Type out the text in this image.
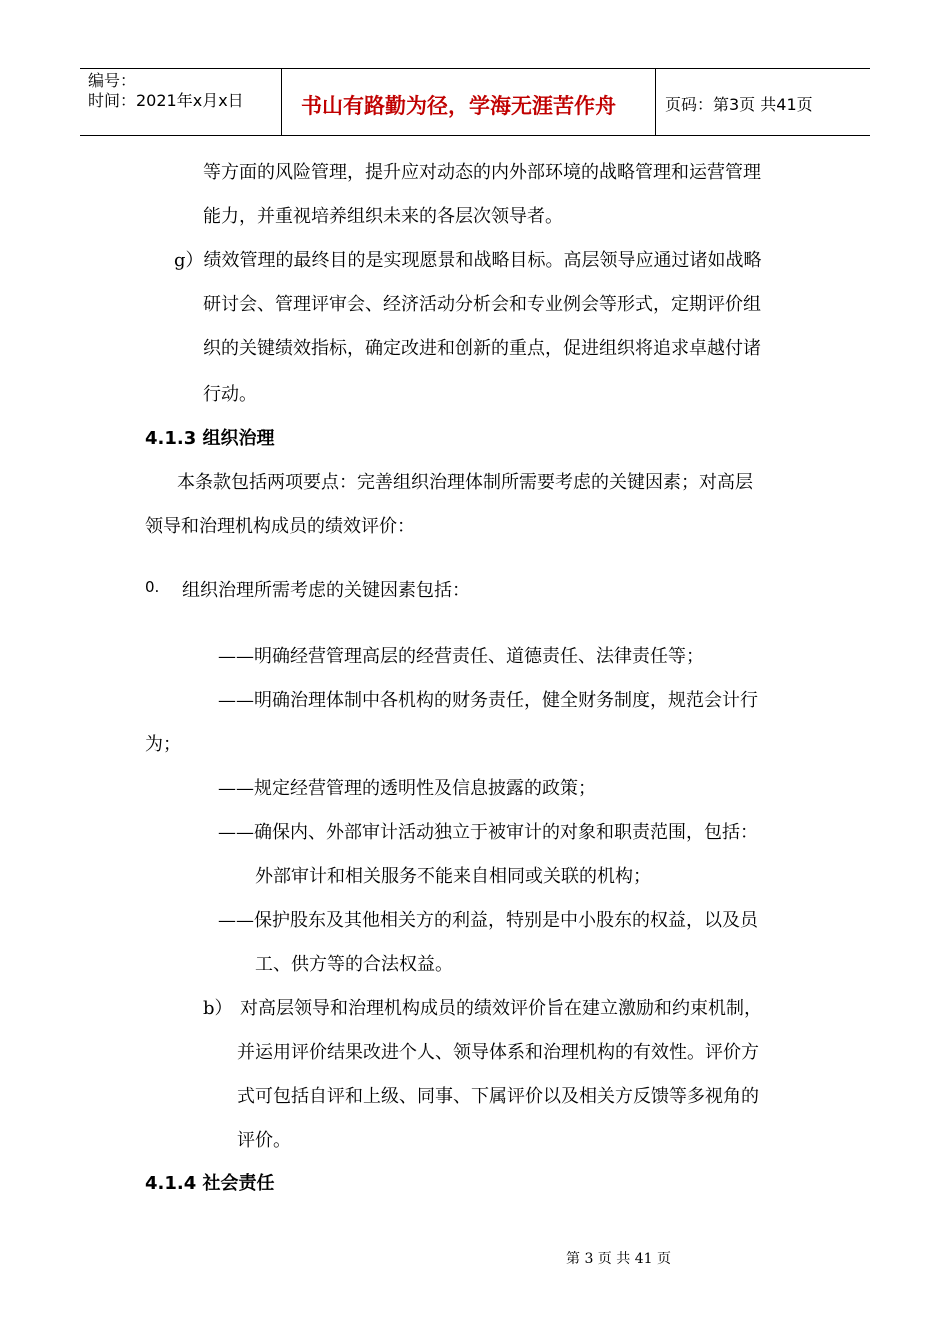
编号：
时间：2021年x月x日	书山有路勤为径，学海无涯苦作舟	页码：第3页 共41页
等方面的风险管理，提升应对动态的内外部环境的战略管理和运营管理
能力，并重视培养组织未来的各层次领导者。
g）绩效管理的最终目的是实现愿景和战略目标。高层领导应通过诸如战略
研讨会、管理评审会、经济活动分析会和专业例会等形式，定期评价组
织的关键绩效指标，确定改进和创新的重点，促进组织将追求卓越付诸
行动。
4.1.3 组织治理
本条款包括两项要点：完善组织治理体制所需要考虑的关键因素；对高层
领导和治理机构成员的绩效评价：
0. 组织治理所需考虑的关键因素包括：
——明确经营管理高层的经营责任、道德责任、法律责任等；
——明确治理体制中各机构的财务责任，健全财务制度，规范会计行
为；
——规定经营管理的透明性及信息披露的政策；
——确保内、外部审计活动独立于被审计的对象和职责范围，包括：
外部审计和相关服务不能来自相同或关联的机构；
——保护股东及其他相关方的利益，特别是中小股东的权益，以及员
工、供方等的合法权益。
b） 对高层领导和治理机构成员的绩效评价旨在建立激励和约束机制，
并运用评价结果改进个人、领导体系和治理机构的有效性。评价方
式可包括自评和上级、同事、下属评价以及相关方反馈等多视角的
评价。
4.1.4 社会责任
第 3 页 共 41 页
